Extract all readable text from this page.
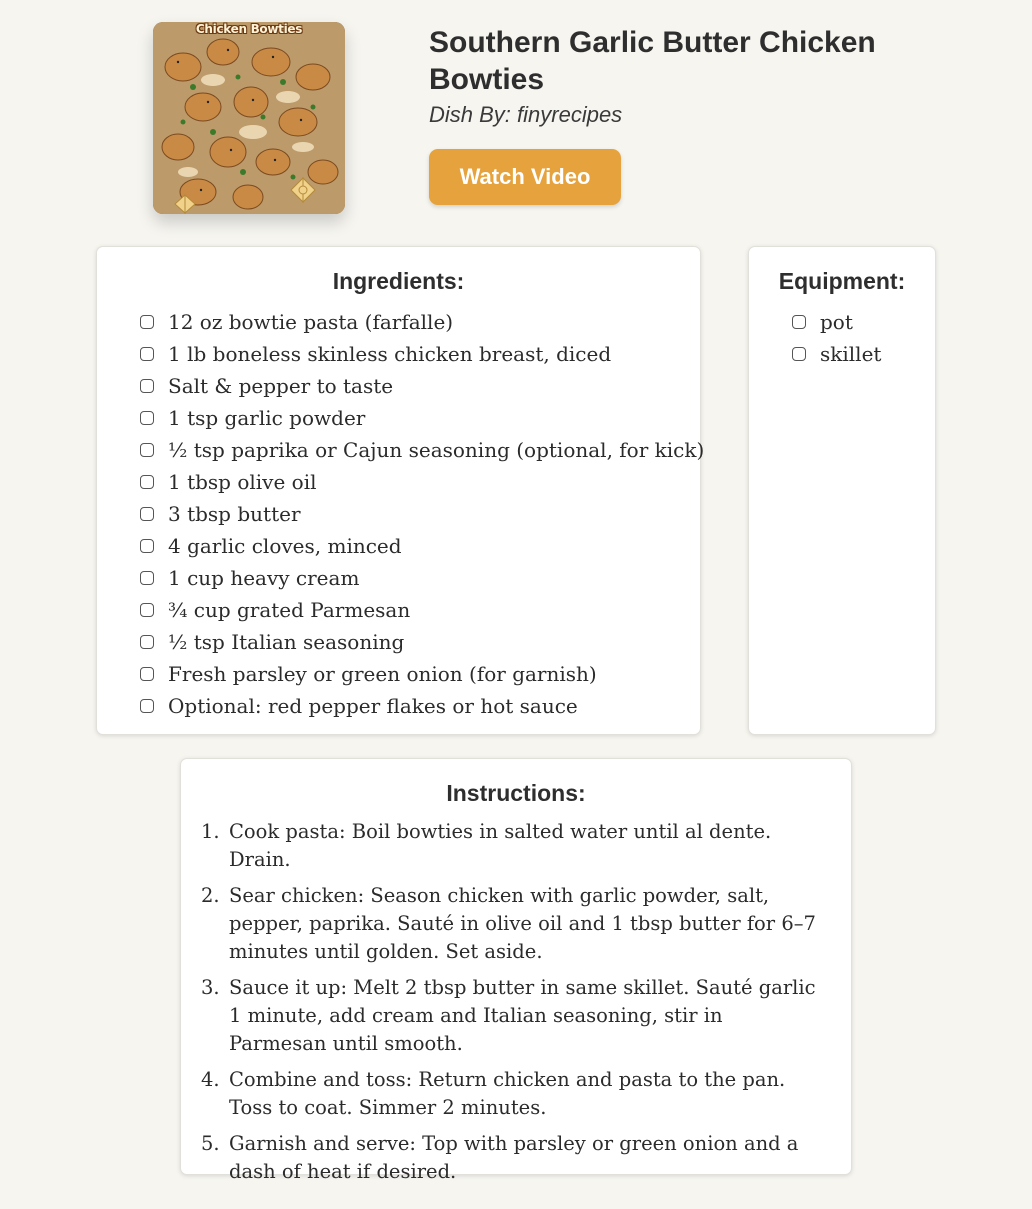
Chicken Bowties	Southern Garlic Butter Chicken Bowties
Dish By: finyrecipes
Watch Video
Ingredients:
12 oz bowtie pasta (farfalle)
1 lb boneless skinless chicken breast, diced
Salt & pepper to taste
1 tsp garlic powder
½ tsp paprika or Cajun seasoning (optional, for kick)
1 tbsp olive oil
3 tbsp butter
4 garlic cloves, minced
1 cup heavy cream
¾ cup grated Parmesan
½ tsp Italian seasoning
Fresh parsley or green onion (for garnish)
Optional: red pepper flakes or hot sauce
Equipment:
pot
skillet
Instructions:
1. Cook pasta: Boil bowties in salted water until al dente. Drain.
2. Sear chicken: Season chicken with garlic powder, salt, pepper, paprika. Sauté in olive oil and 1 tbsp butter for 6–7 minutes until golden. Set aside.
3. Sauce it up: Melt 2 tbsp butter in same skillet. Sauté garlic 1 minute, add cream and Italian seasoning, stir in Parmesan until smooth.
4. Combine and toss: Return chicken and pasta to the pan. Toss to coat. Simmer 2 minutes.
5. Garnish and serve: Top with parsley or green onion and a dash of heat if desired.
